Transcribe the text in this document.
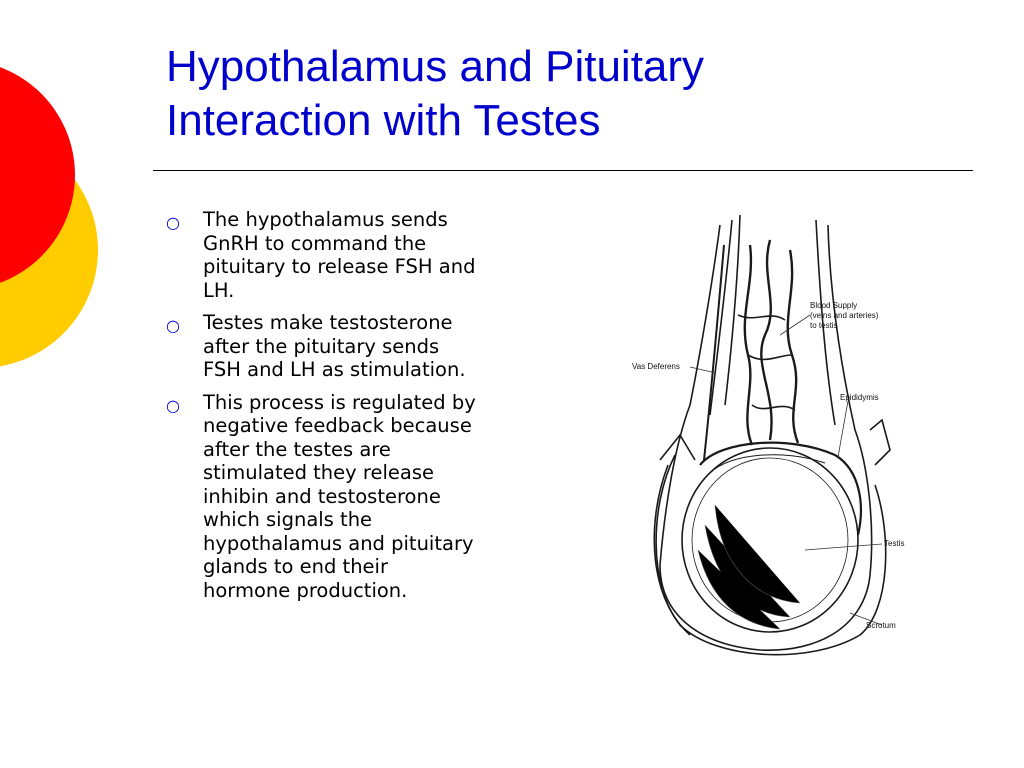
Hypothalamus and Pituitary
Interaction with Testes
○ The hypothalamus sends
GnRH to command the
pituitary to release FSH and
LH.
○ Testes make testosterone
after the pituitary sends
FSH and LH as stimulation.
○ This process is regulated by
negative feedback because
after the testes are
stimulated they release
inhibin and testosterone
which signals the
hypothalamus and pituitary
glands to end their
hormone production.
Blood Supply
(veins and arteries)
to testis
Vas Deferens
Epididymis
Testis
Scrotum
